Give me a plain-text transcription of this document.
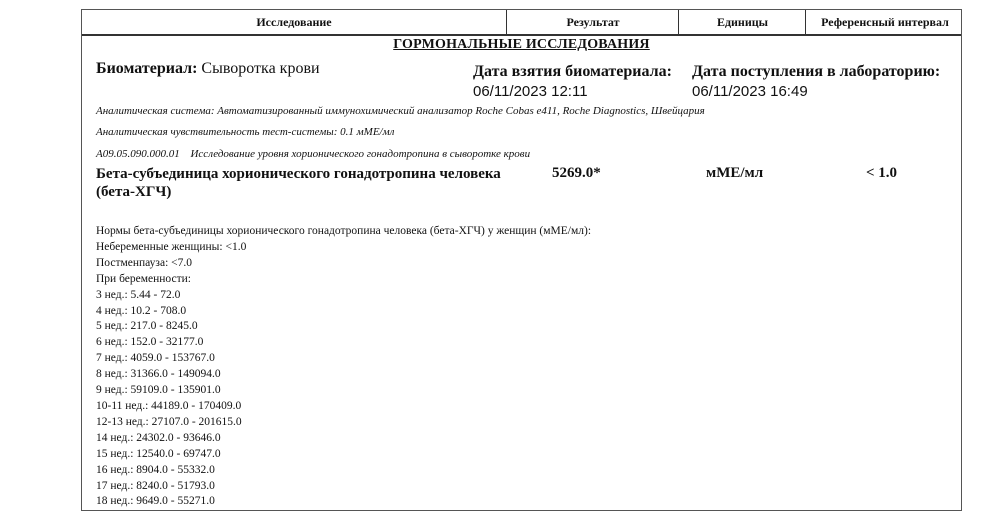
Исследование	Результат	Единицы	Референсный интервал
ГОРМОНАЛЬНЫЕ ИССЛЕДОВАНИЯ
Биоматериал: Сыворотка крови	Дата взятия биоматериала:
06/11/2023 12:11
Дата поступления в лабораторию:
06/11/2023 16:49
Аналитическая система: Автоматизированный иммунохимический анализатор Roche Cobas e411, Roche Diagnostics, Швейцария
Аналитическая чувствительность тест-системы: 0.1 мМЕ/мл
A09.05.090.000.01 Исследование уровня хорионического гонадотропина в сыворотке крови
Бета-субъединица хорионического гонадотропина человека (бета-ХГЧ)
5269.0*	мМЕ/мл	< 1.0
Нормы бета-субъединицы хорионического гонадотропина человека (бета-ХГЧ) у женщин (мМЕ/мл):
Небеременные женщины: <1.0
Постменпауза: <7.0
При беременности:
3 нед.: 5.44 - 72.0
4 нед.: 10.2 - 708.0
5 нед.: 217.0 - 8245.0
6 нед.: 152.0 - 32177.0
7 нед.: 4059.0 - 153767.0
8 нед.: 31366.0 - 149094.0
9 нед.: 59109.0 - 135901.0
10-11 нед.: 44189.0 - 170409.0
12-13 нед.: 27107.0 - 201615.0
14 нед.: 24302.0 - 93646.0
15 нед.: 12540.0 - 69747.0
16 нед.: 8904.0 - 55332.0
17 нед.: 8240.0 - 51793.0
18 нед.: 9649.0 - 55271.0
